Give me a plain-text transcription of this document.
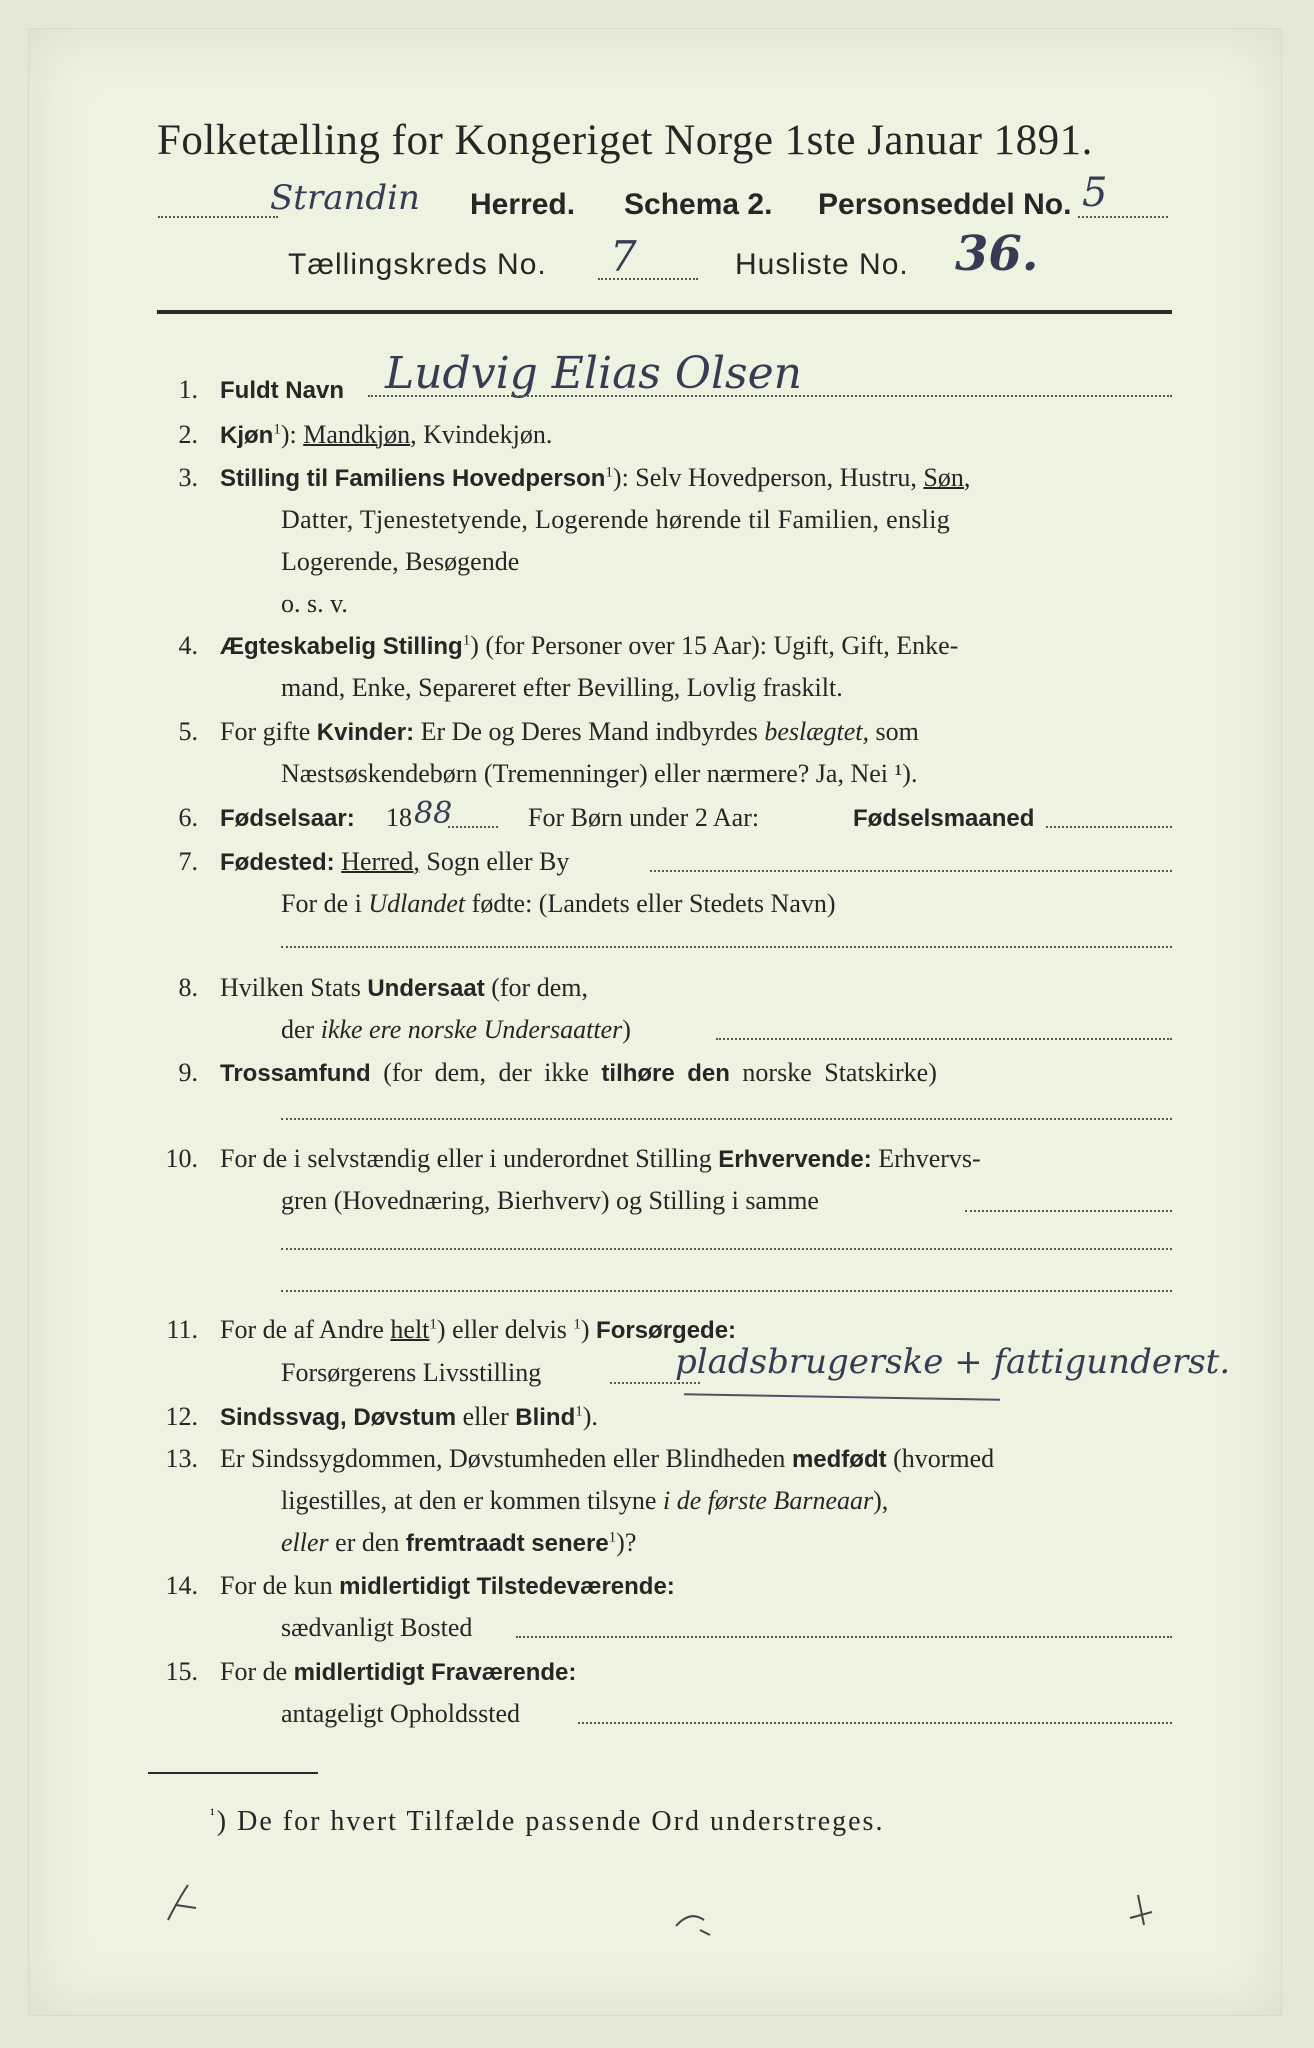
Folketælling for Kongeriget Norge 1ste Januar 1891.
Strandin Herred. Schema 2. Personseddel No. 5
Tællingskreds No. 7	Husliste No. 36.
1. Fuldt Navn Ludvig Elias Olsen
2. Kjøn$^1$): Mandkjøn, Kvindekjøn.
3. Stilling til Familiens Hovedperson$^1$): Selv Hovedperson, Hustru, Søn,
Datter, Tjenestetyende, Logerende hørende til Familien, enslig
Logerende, Besøgende
o. s. v.
4. Ægteskabelig Stilling$^1$) (for Personer over 15 Aar): Ugift, Gift, Enke-
mand, Enke, Separeret efter Bevilling, Lovlig fraskilt.
5. For gifte Kvinder: Er De og Deres Mand indbyrdes beslægtet, som
Næstsøskendebørn (Tremenninger) eller nærmere? Ja, Nei ¹).
6. Fødselsaar: 18 88	For Børn under 2 Aar:	Fødselsmaaned
7. Fødested: Herred, Sogn eller By
For de i Udlandet fødte: (Landets eller Stedets Navn)
8. Hvilken Stats Undersaat (for dem,
der ikke ere norske Undersaatter)
9. Trossamfund (for dem, der ikke tilhøre den norske Statskirke)
10. For de i selvstændig eller i underordnet Stilling Erhvervende: Erhvervs-
gren (Hovednæring, Bierhverv) og Stilling i samme
11. For de af Andre helt$^1$) eller delvis $^1$) Forsørgede:
Forsørgerens Livsstilling	pladsbrugerske + fattigunderst.
12. Sindssvag, Døvstum eller Blind$^1$).
13. Er Sindssygdommen, Døvstumheden eller Blindheden medfødt (hvormed
ligestilles, at den er kommen tilsyne i de første Barneaar),
eller er den fremtraadt senere$^1$)?
14. For de kun midlertidigt Tilstedeværende:
sædvanligt Bosted
15. For de midlertidigt Fraværende:
antageligt Opholdssted
$^{^1}$) De for hvert Tilfælde passende Ord understreges.
